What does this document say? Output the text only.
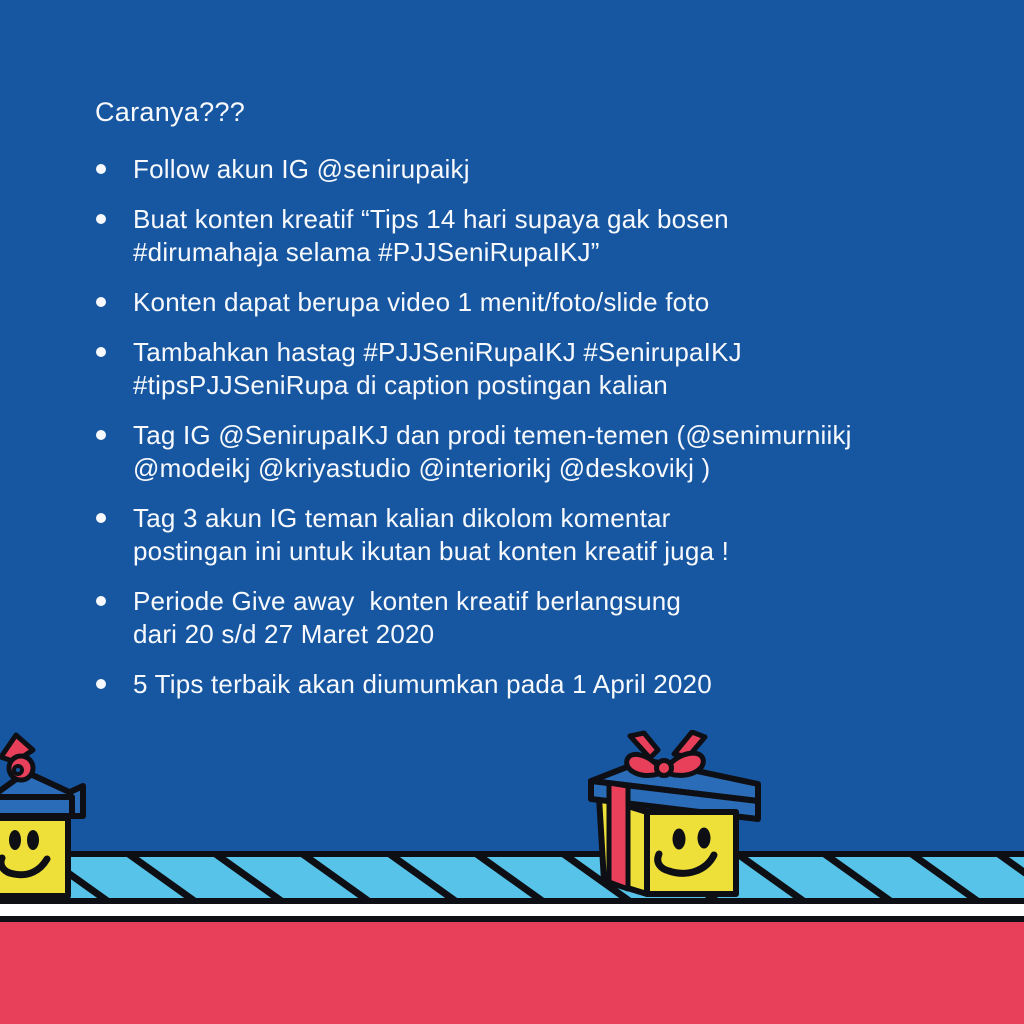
Caranya???
Follow akun IG @senirupaikj
Buat konten kreatif “Tips 14 hari supaya gak bosen
#dirumahaja selama #PJJSeniRupaIKJ”
Konten dapat berupa video 1 menit/foto/slide foto
Tambahkan hastag #PJJSeniRupaIKJ #SenirupaIKJ
#tipsPJJSeniRupa di caption postingan kalian
Tag IG @SenirupaIKJ dan prodi temen-temen (@senimurniikj
@modeikj @kriyastudio @interiorikj @deskovikj )
Tag 3 akun IG teman kalian dikolom komentar
postingan ini untuk ikutan buat konten kreatif juga !
Periode Give away  konten kreatif berlangsung
dari 20 s/d 27 Maret 2020
5 Tips terbaik akan diumumkan pada 1 April 2020
